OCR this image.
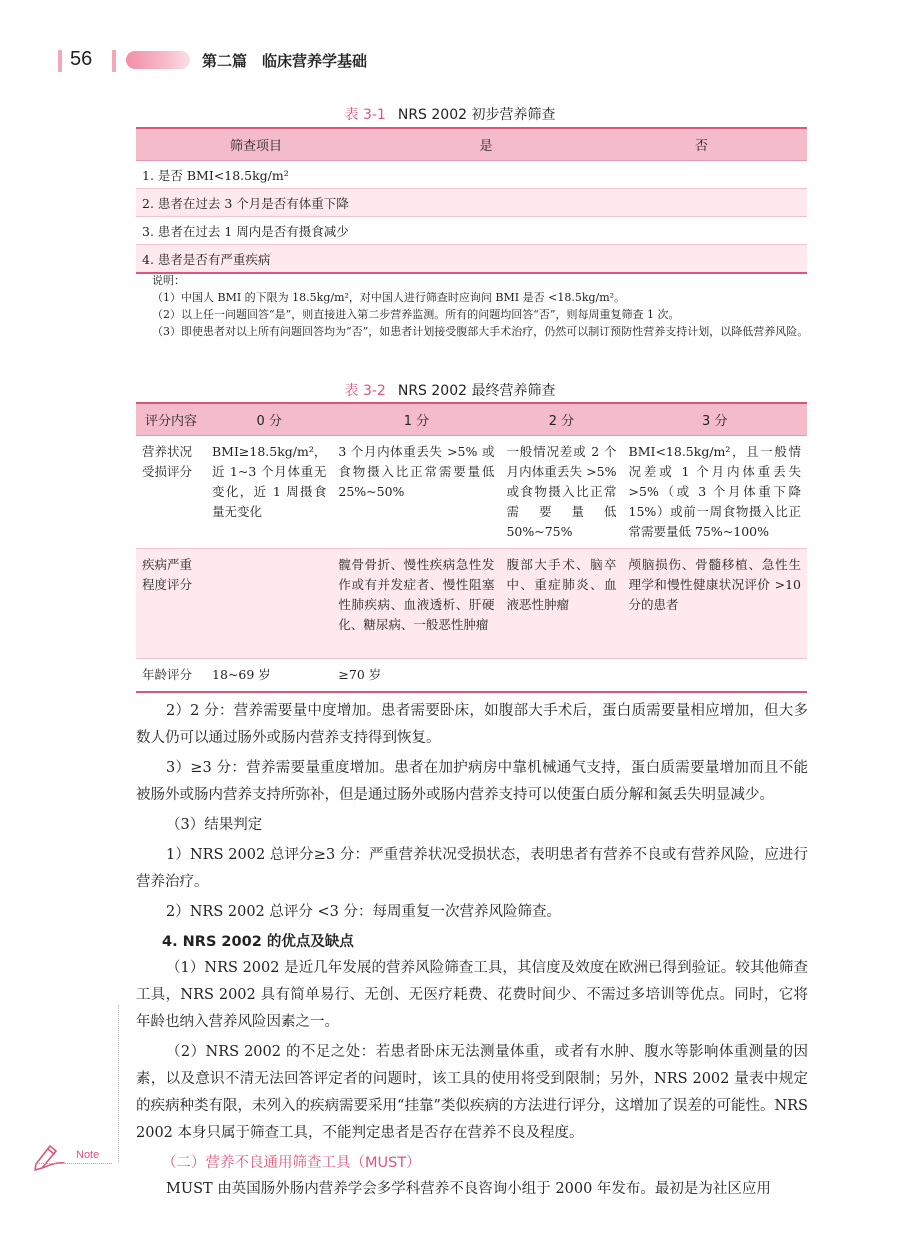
56	第二篇　临床营养学基础
表 3-1 NRS 2002 初步营养筛查
筛查项目	是	否
1. 是否 BMI<18.5kg/m²		
2. 患者在过去 3 个月是否有体重下降		
3. 患者在过去 1 周内是否有摄食减少		
4. 患者是否有严重疾病		

说明：

（1）中国人 BMI 的下限为 18.5kg/m²，对中国人进行筛查时应询问 BMI 是否 <18.5kg/m²。

（2）以上任一问题回答“是”，则直接进入第二步营养监测。所有的问题均回答“否”，则每周重复筛查 1 次。

（3）即使患者对以上所有问题回答均为“否”，如患者计划接受腹部大手术治疗，仍然可以制订预防性营养支持计划，以降低营养风险。

表 3-2 NRS 2002 最终营养筛查
评分内容	0 分	1 分	2 分	3 分
营养状况受损评分	BMI≥18.5kg/m²，近 1~3 个月体重无变化，近 1 周摄食量无变化	3 个月内体重丢失 >5% 或食物摄入比正常需要量低 25%~50%	一般情况差或 2 个月内体重丢失 >5% 或食物摄入比正常需要量低 50%~75%	BMI<18.5kg/m²，且一般情况差或 1 个月内体重丢失 >5%（或 3 个月体重下降 15%）或前一周食物摄入比正常需要量低 75%~100%
疾病严重程度评分		髋骨骨折、慢性疾病急性发作或有并发症者、慢性阻塞性肺疾病、血液透析、肝硬化、糖尿病、一般恶性肿瘤	腹部大手术、脑卒中、重症肺炎、血液恶性肿瘤	颅脑损伤、骨髓移植、急性生理学和慢性健康状况评价 >10 分的患者
年龄评分	18~69 岁	≥70 岁		

2）2 分：营养需要量中度增加。患者需要卧床，如腹部大手术后，蛋白质需要量相应增加，但大多数人仍可以通过肠外或肠内营养支持得到恢复。

3）≥3 分：营养需要量重度增加。患者在加护病房中靠机械通气支持，蛋白质需要量增加而且不能被肠外或肠内营养支持所弥补，但是通过肠外或肠内营养支持可以使蛋白质分解和氮丢失明显减少。

（3）结果判定

1）NRS 2002 总评分≥3 分：严重营养状况受损状态，表明患者有营养不良或有营养风险，应进行营养治疗。

2）NRS 2002 总评分 <3 分：每周重复一次营养风险筛查。

4. NRS 2002 的优点及缺点

（1）NRS 2002 是近几年发展的营养风险筛查工具，其信度及效度在欧洲已得到验证。较其他筛查工具，NRS 2002 具有简单易行、无创、无医疗耗费、花费时间少、不需过多培训等优点。同时，它将年龄也纳入营养风险因素之一。

（2）NRS 2002 的不足之处：若患者卧床无法测量体重，或者有水肿、腹水等影响体重测量的因素，以及意识不清无法回答评定者的问题时，该工具的使用将受到限制；另外，NRS 2002 量表中规定的疾病种类有限，未列入的疾病需要采用“挂靠”类似疾病的方法进行评分，这增加了误差的可能性。NRS 2002 本身只属于筛查工具，不能判定患者是否存在营养不良及程度。

（二）营养不良通用筛查工具（MUST）

MUST 由英国肠外肠内营养学会多学科营养不良咨询小组于 2000 年发布。最初是为社区应用

Note
